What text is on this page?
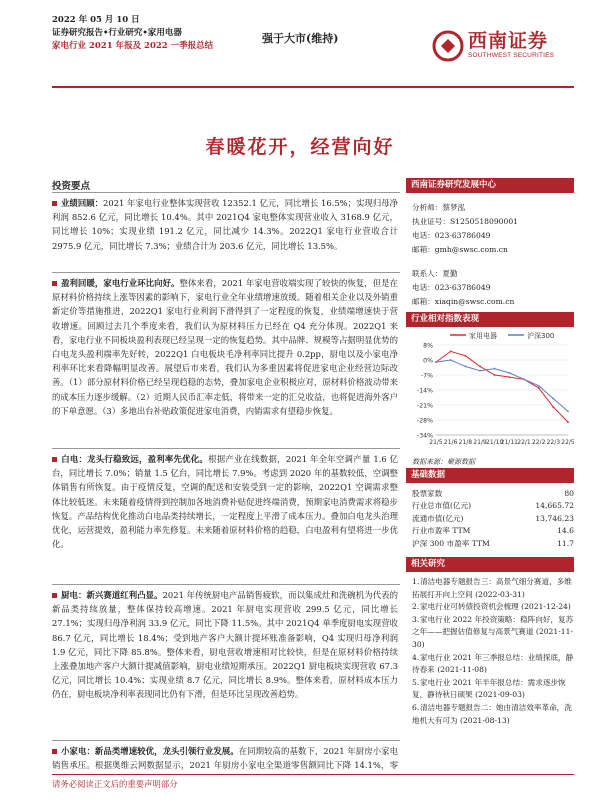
2022 年 05 月 10 日
证券研究报告•行业研究•家用电器
家电行业 2021 年报及 2022 一季报总结
强于大市(维持)	西南证券
SOUTHWEST SECURITIES
春暖花开，经营向好
投资要点
业绩回顾：2021 年家电行业整体实现营收 12352.1 亿元，同比增长 16.5%；实现归母净利润 852.6 亿元，同比增长 10.4%。其中 2021Q4 家电整体实现营业收入 3168.9 亿元，同比增长 10%；实现业绩 191.2 亿元，同比减少 14.3%。2022Q1 家电行业营收合计 2975.9 亿元，同比增长 7.3%；业绩合计为 203.6 亿元，同比增长 13.5%。
盈利回暖，家电行业环比向好。整体来看，2021 年家电营收端实现了较快的恢复，但是在原材料价格持续上涨等因素的影响下，家电行业全年业绩增速放缓。随着相关企业以及外销重新定价等措施推进，2022Q1 家电行业利润下滑得到了一定程度的恢复，业绩端增速快于营收增速。回顾过去几个季度来看，我们认为原材料压力已经在 Q4 充分体现。2022Q1 来看，家电行业不同板块盈利表现已经呈现一定的恢复趋势。其中品牌、规模等占据明显优势的白电龙头盈利端率先好转，2022Q1 白电板块毛净利率同比提升 0.2pp，厨电以及小家电净利率环比来看降幅明显改善。展望后市来看，我们认为多重因素将促进家电企业经营边际改善。（1）部分原材料价格已经呈现趋稳的态势，叠加家电企业积极应对，原材料价格波动带来的成本压力逐步缓解。（2）近期人民币汇率走低，将带来一定的汇兑收益，也将促进海外客户的下单意愿。（3）多地出台补贴政策促进家电消费，内销需求有望稳步恢复。
白电：龙头行稳致远，盈利率先优化。根据产业在线数据，2021 年全年空调产量 1.6 亿台，同比增长 7.0%；销量 1.5 亿台，同比增长 7.9%。考虑到 2020 年的基数较低，空调整体销售有所恢复。由于疫情反复，空调的配送和安装受到一定的影响，2022Q1 空调需求整体比较低迷。未来随着疫情得到控制加各地消费补贴促进终端消费，预期家电消费需求将稳步恢复。产品结构优化推动白电品类持续增长，一定程度上平滑了成本压力。叠加白电龙头治理优化，运营提效，盈利能力率先修复。未来随着原材料价格的趋稳，白电盈利有望将进一步优化。
厨电：新兴赛道红利凸显。2021 年传统厨电产品销售疲软，而以集成灶和洗碗机为代表的新品类持续放量，整体保持较高增速。2021 年厨电实现营收 299.5 亿元，同比增长 27.1%；实现归母净利润 33.9 亿元，同比下降 11.5%。其中 2021Q4 单季度厨电实现营收 86.7 亿元，同比增长 18.4%；受到地产客户大额计提坏账准备影响，Q4 实现归母净利润 1.9 亿元，同比下降 85.8%。整体来看，厨电营收增速相对比较快，但是在原材料价格持续上涨叠加地产客户大额计提减值影响，厨电业绩短期承压。2022Q1 厨电板块实现营收 67.3 亿元，同比增长 10.4%；实现业绩 8.7 亿元，同比增长 8.9%。整体来看，原材料成本压力仍在，厨电板块净利率表现同比仍有下滑，但是环比呈现改善趋势。
小家电：新品类增速较优，龙头引领行业发展。在同期较高的基数下，2021 年厨房小家电销售承压。根据奥维云网数据显示，2021 年厨房小家电全渠道零售额同比下降 14.1%，零
西南证券研究发展中心
分析师：蔡梦泓
执业证号：S1250518090001
电话：023-63786049
邮箱：gmh@swsc.com.cn
联系人：夏勤
电话：023-63786049
邮箱：xiaqin@swsc.com.cn
行业相对指数表现
家用电器	沪深300
8%
0%
-7%
-14%
-21%
-28%
-34%
21/5 21/6 21/8 21/9 21/10
21/11 22/1 22/2 22/3 22/5
数据来源：聚源数据
基础数据
股票家数	80
行业总市值(亿元)	14,665.72
流通市值(亿元)	13,746.23
行业市盈率 TTM	14.6
沪深 300 市盈率 TTM	11.7
相关研究
1.清洁电器专题报告三：高景气细分赛道，多维拓展打开向上空间 (2022-03-31)
2.家电行业可转债投资机会梳理 (2021-12-24)
3.家电行业 2022 年投资策略：稳阵向好，复苏之年——把握估值修复与高景气赛道 (2021-11-30)
4.家电行业 2021 年三季报总结：业绩探底，静待春来 (2021-11-08)
5.家电行业 2021 年半年报总结：需求逐步恢复，静待秋日硕果 (2021-09-03)
6.清洁电器专题报告二：她由清洁效率革命，洗地机大有可为 (2021-08-13)
请务必阅读正文后的重要声明部分
